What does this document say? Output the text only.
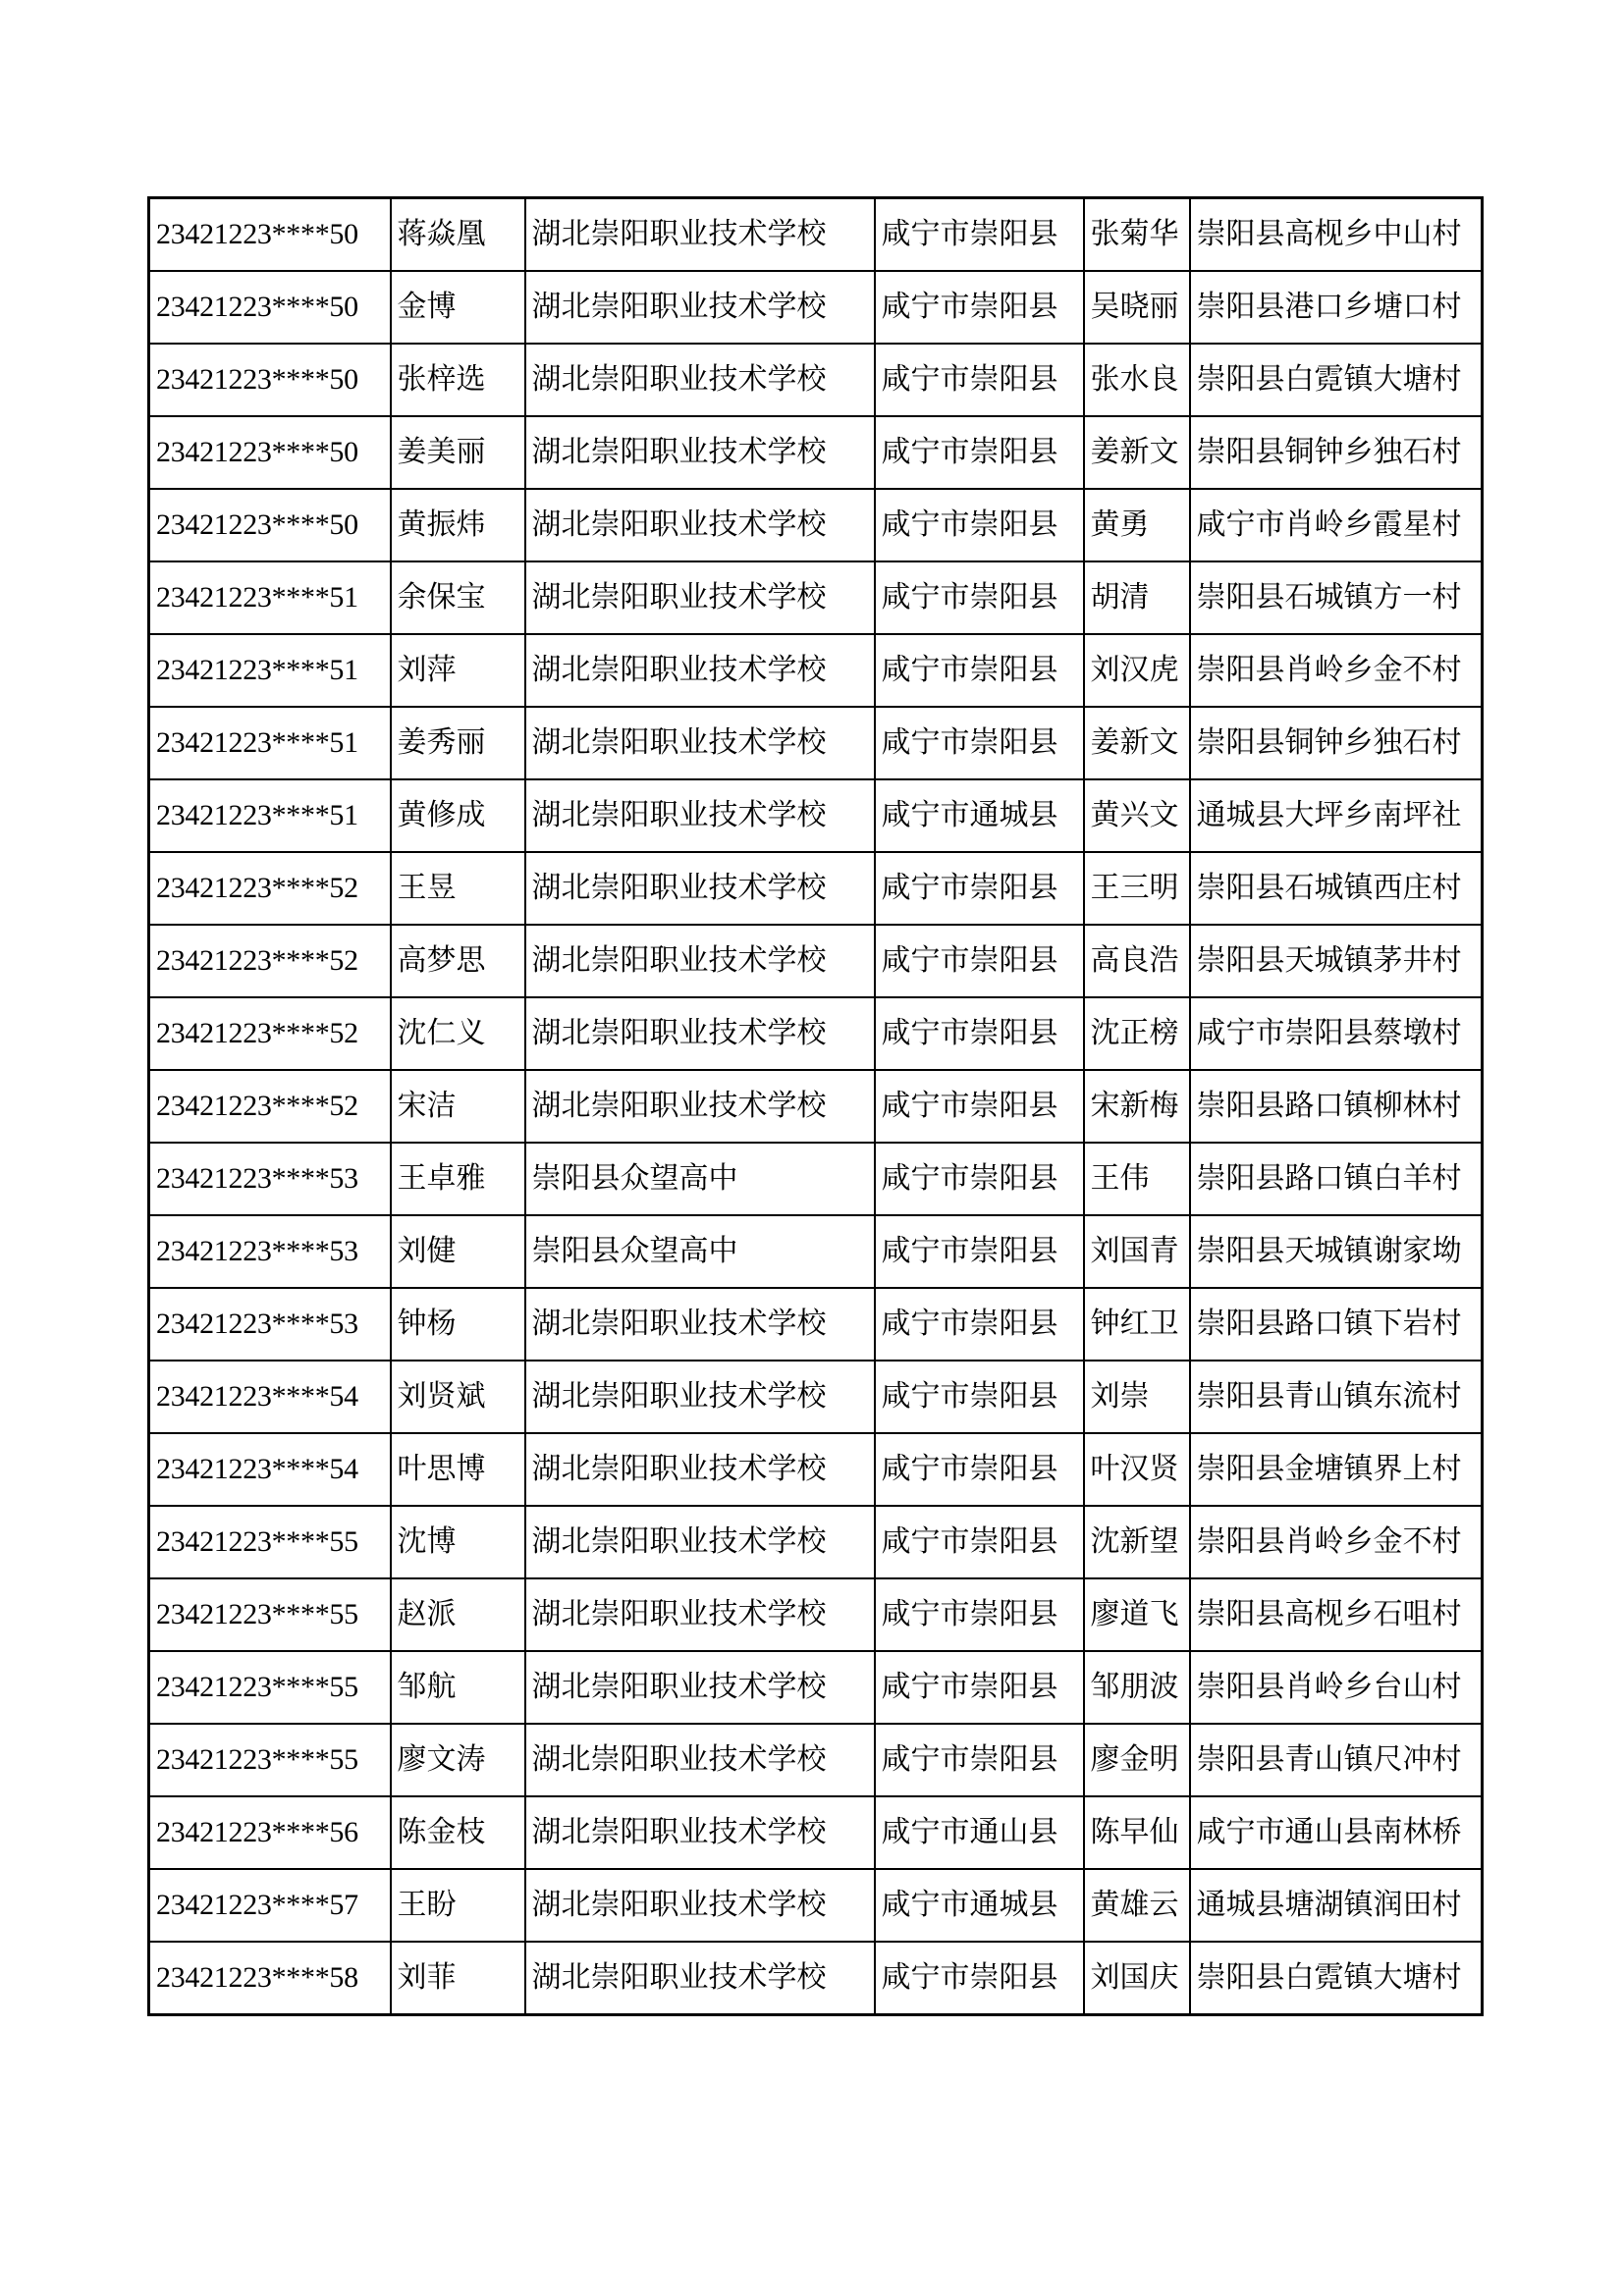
23421223****50	蒋焱凰	湖北崇阳职业技术学校	咸宁市崇阳县	张菊华	崇阳县高枧乡中山村
23421223****50	金博	湖北崇阳职业技术学校	咸宁市崇阳县	吴晓丽	崇阳县港口乡塘口村
23421223****50	张梓选	湖北崇阳职业技术学校	咸宁市崇阳县	张水良	崇阳县白霓镇大塘村
23421223****50	姜美丽	湖北崇阳职业技术学校	咸宁市崇阳县	姜新文	崇阳县铜钟乡独石村
23421223****50	黄振炜	湖北崇阳职业技术学校	咸宁市崇阳县	黄勇	咸宁市肖岭乡霞星村
23421223****51	余保宝	湖北崇阳职业技术学校	咸宁市崇阳县	胡清	崇阳县石城镇方一村
23421223****51	刘萍	湖北崇阳职业技术学校	咸宁市崇阳县	刘汉虎	崇阳县肖岭乡金不村
23421223****51	姜秀丽	湖北崇阳职业技术学校	咸宁市崇阳县	姜新文	崇阳县铜钟乡独石村
23421223****51	黄修成	湖北崇阳职业技术学校	咸宁市通城县	黄兴文	通城县大坪乡南坪社
23421223****52	王昱	湖北崇阳职业技术学校	咸宁市崇阳县	王三明	崇阳县石城镇西庄村
23421223****52	高梦思	湖北崇阳职业技术学校	咸宁市崇阳县	高良浩	崇阳县天城镇茅井村
23421223****52	沈仁义	湖北崇阳职业技术学校	咸宁市崇阳县	沈正榜	咸宁市崇阳县蔡墩村
23421223****52	宋洁	湖北崇阳职业技术学校	咸宁市崇阳县	宋新梅	崇阳县路口镇柳林村
23421223****53	王卓雅	崇阳县众望高中	咸宁市崇阳县	王伟	崇阳县路口镇白羊村
23421223****53	刘健	崇阳县众望高中	咸宁市崇阳县	刘国青	崇阳县天城镇谢家坳
23421223****53	钟杨	湖北崇阳职业技术学校	咸宁市崇阳县	钟红卫	崇阳县路口镇下岩村
23421223****54	刘贤斌	湖北崇阳职业技术学校	咸宁市崇阳县	刘崇	崇阳县青山镇东流村
23421223****54	叶思博	湖北崇阳职业技术学校	咸宁市崇阳县	叶汉贤	崇阳县金塘镇界上村
23421223****55	沈博	湖北崇阳职业技术学校	咸宁市崇阳县	沈新望	崇阳县肖岭乡金不村
23421223****55	赵派	湖北崇阳职业技术学校	咸宁市崇阳县	廖道飞	崇阳县高枧乡石咀村
23421223****55	邹航	湖北崇阳职业技术学校	咸宁市崇阳县	邹朋波	崇阳县肖岭乡台山村
23421223****55	廖文涛	湖北崇阳职业技术学校	咸宁市崇阳县	廖金明	崇阳县青山镇尺冲村
23421223****56	陈金枝	湖北崇阳职业技术学校	咸宁市通山县	陈早仙	咸宁市通山县南林桥
23421223****57	王盼	湖北崇阳职业技术学校	咸宁市通城县	黄雄云	通城县塘湖镇润田村
23421223****58	刘菲	湖北崇阳职业技术学校	咸宁市崇阳县	刘国庆	崇阳县白霓镇大塘村
